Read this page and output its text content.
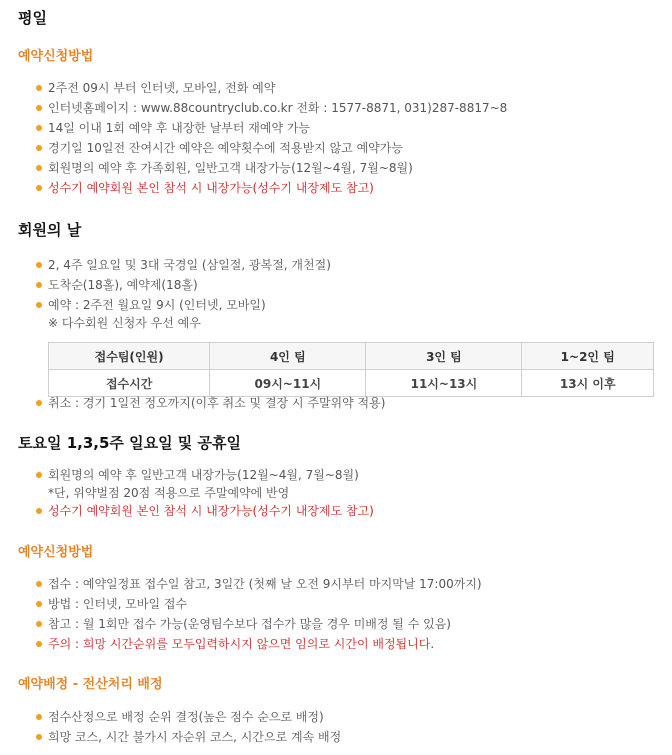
평일
예약신청방법
2주전 09시 부터 인터넷, 모바일, 전화 예약
인터넷홈페이지 : www.88countryclub.co.kr 전화 : 1577-8871, 031)287-8817~8
14일 이내 1회 예약 후 내장한 날부터 재예약 가능
경기일 10일전 잔여시간 예약은 예약횟수에 적용받지 않고 예약가능
회원명의 예약 후 가족회원, 일반고객 내장가능(12월~4월, 7월~8월)
성수기 예약회원 본인 참석 시 내장가능(성수기 내장제도 참고)
회원의 날
2, 4주 일요일 및 3대 국경일 (삼일절, 광복절, 개천절)
도착순(18홀), 예약제(18홀)
예약 : 2주전 월요일 9시 (인터넷, 모바일)
※ 다수회원 신청자 우선 예우
접수팀(인원)	4인 팀	3인 팀	1~2인 팀
접수시간	09시~11시	11시~13시	13시 이후
취소 : 경기 1일전 정오까지(이후 취소 및 결장 시 주말위약 적용)
토요일 1,3,5주 일요일 및 공휴일
회원명의 예약 후 일반고객 내장가능(12월~4월, 7월~8월)
*단, 위약벌점 20점 적용으로 주말예약에 반영
성수기 예약회원 본인 참석 시 내장가능(성수기 내장제도 참고)
예약신청방법
접수 : 예약일정표 접수일 참고, 3일간 (첫째 날 오전 9시부터 마지막날 17:00까지)
방법 : 인터넷, 모바일 접수
참고 : 월 1회만 접수 가능(운영팀수보다 접수가 많을 경우 미배정 될 수 있음)
주의 : 희망 시간순위를 모두입력하시지 않으면 임의로 시간이 배정됩니다.
예약배정 - 전산처리 배정
점수산정으로 배정 순위 결정(높은 점수 순으로 배정)
희망 코스, 시간 불가시 자순위 코스, 시간으로 계속 배정
